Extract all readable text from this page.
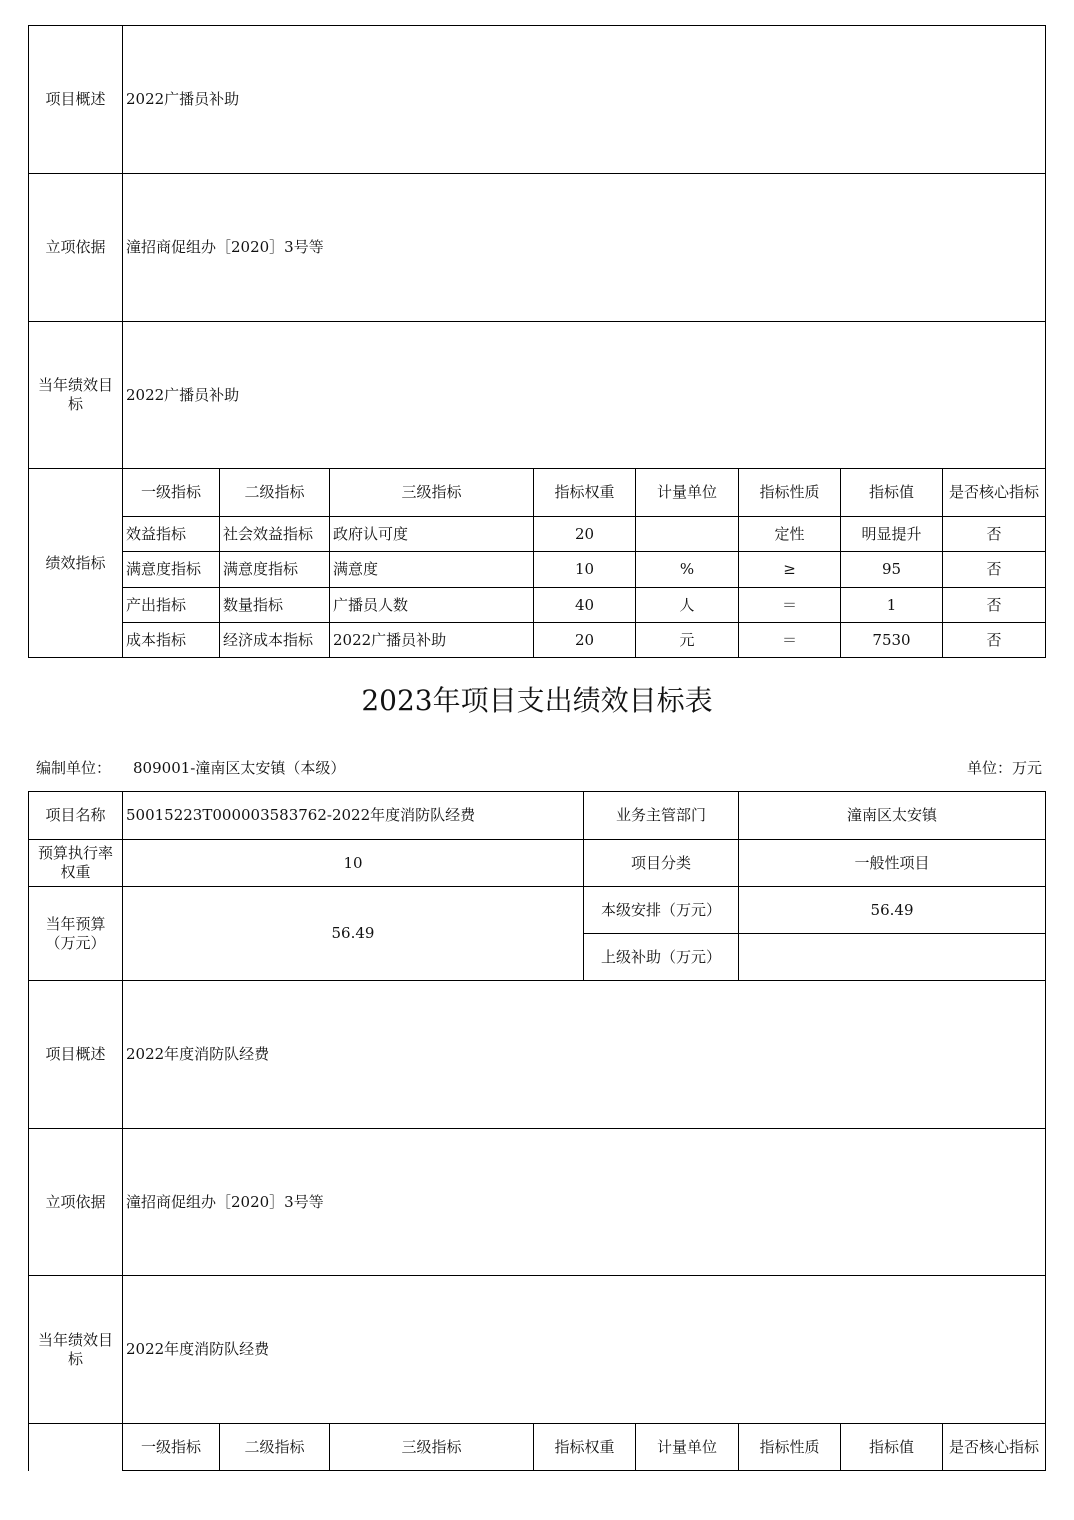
项目概述	2022广播员补助							
立项依据	潼招商促组办［2020］3号等							
当年绩效目标	2022广播员补助							
绩效指标	一级指标	二级指标	三级指标	指标权重	计量单位	指标性质	指标值	是否核心指标
	效益指标	社会效益指标	政府认可度	20		定性	明显提升	否
	满意度指标	满意度指标	满意度	10	%	≥	95	否
	产出指标	数量指标	广播员人数	40	人	＝	1	否
	成本指标	经济成本指标	2022广播员补助	20	元	＝	7530	否
2023年项目支出绩效目标表
编制单位： 809001-潼南区太安镇（本级）	单位：万元
项目名称	50015223T000003583762-2022年度消防队经费				业务主管部门		潼南区太安镇		
预算执行率权重	10				项目分类		一般性项目		
当年预算（万元）	56.49				本级安排（万元）		56.49		
					上级补助（万元）				
项目概述	2022年度消防队经费								
立项依据	潼招商促组办［2020］3号等								
当年绩效目标	2022年度消防队经费								
	一级指标	二级指标	三级指标	指标权重		计量单位	指标性质	指标值	是否核心指标
